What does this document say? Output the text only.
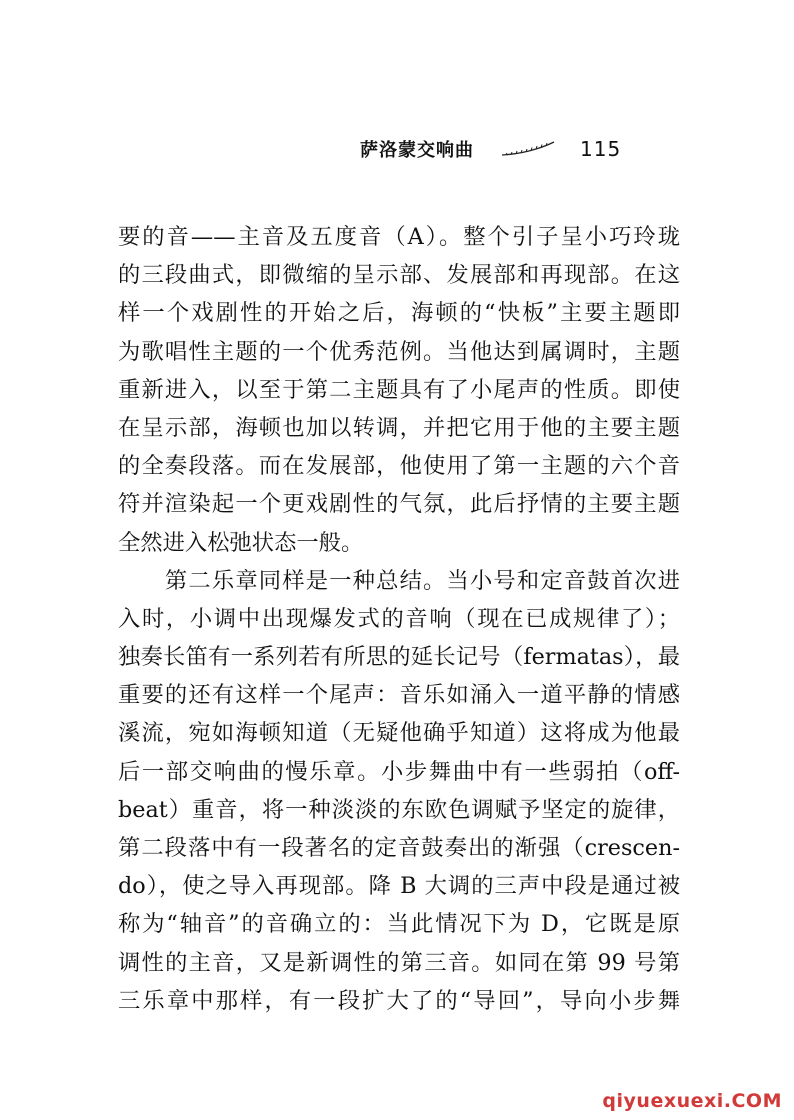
萨洛蒙交响曲	115
要的音——主音及五度音（A）。整个引子呈小巧玲珑
的三段曲式，即微缩的呈示部、发展部和再现部。在这
样一个戏剧性的开始之后，海顿的“快板”主要主题即
为歌唱性主题的一个优秀范例。当他达到属调时，主题
重新进入，以至于第二主题具有了小尾声的性质。即使
在呈示部，海顿也加以转调，并把它用于他的主要主题
的全奏段落。而在发展部，他使用了第一主题的六个音
符并渲染起一个更戏剧性的气氛，此后抒情的主要主题
全然进入松弛状态一般。
　　第二乐章同样是一种总结。当小号和定音鼓首次进
入时，小调中出现爆发式的音响（现在已成规律了）；
独奏长笛有一系列若有所思的延长记号（fermatas），最
重要的还有这样一个尾声：音乐如涌入一道平静的情感
溪流，宛如海顿知道（无疑他确乎知道）这将成为他最
后一部交响曲的慢乐章。小步舞曲中有一些弱拍（off-
beat）重音，将一种淡淡的东欧色调赋予坚定的旋律，
第二段落中有一段著名的定音鼓奏出的渐强（crescen-
do），使之导入再现部。降 B 大调的三声中段是通过被
称为“轴音”的音确立的：当此情况下为 D，它既是原
调性的主音，又是新调性的第三音。如同在第 99 号第
三乐章中那样，有一段扩大了的“导回”，导向小步舞
qiyuexuexi.COM
